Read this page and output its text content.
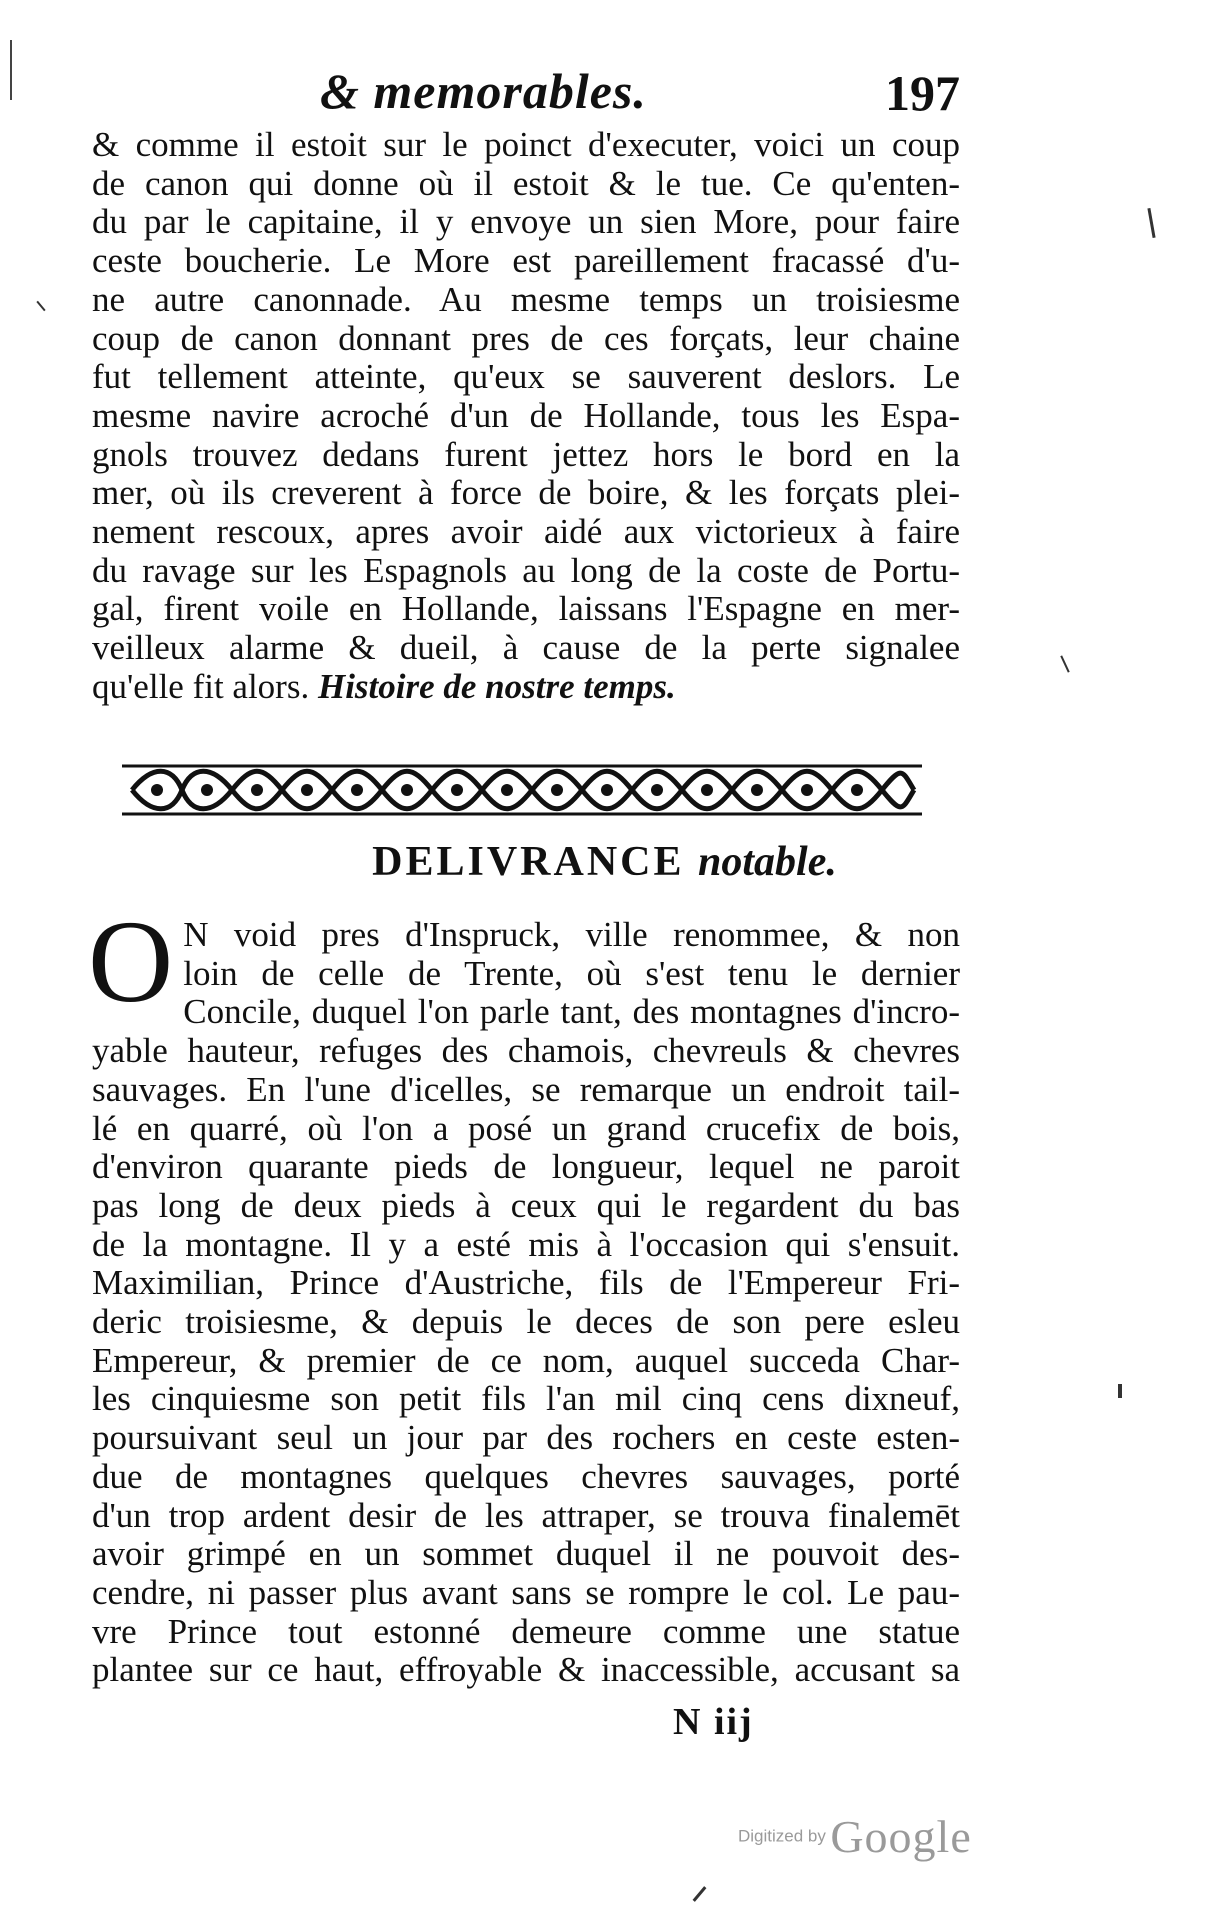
& memorables.	197
& comme il estoit sur le poinct d'executer, voici un coup
de canon qui donne où il estoit & le tue. Ce qu'enten-
du par le capitaine, il y envoye un sien More, pour faire
ceste boucherie. Le More est pareillement fracassé d'u-
ne autre canonnade. Au mesme temps un troisiesme
coup de canon donnant pres de ces forçats, leur chaine
fut tellement atteinte, qu'eux se sauverent deslors. Le
mesme navire acroché d'un de Hollande, tous les Espa-
gnols trouvez dedans furent jettez hors le bord en la
mer, où ils creverent à force de boire, & les forçats plei-
nement rescoux, apres avoir aidé aux victorieux à faire
du ravage sur les Espagnols au long de la coste de Portu-
gal, firent voile en Hollande, laissans l'Espagne en mer-
veilleux alarme & dueil, à cause de la perte signalee
qu'elle fit alors. Histoire de nostre temps.
DELIVRANCE notable.
O N void pres d'Inspruck, ville renommee, & non
loin de celle de Trente, où s'est tenu le dernier
Concile, duquel l'on parle tant, des montagnes d'incro-
yable hauteur, refuges des chamois, chevreuls & chevres
sauvages. En l'une d'icelles, se remarque un endroit tail-
lé en quarré, où l'on a posé un grand crucefix de bois,
d'environ quarante pieds de longueur, lequel ne paroit
pas long de deux pieds à ceux qui le regardent du bas
de la montagne. Il y a esté mis à l'occasion qui s'ensuit.
Maximilian, Prince d'Austriche, fils de l'Empereur Fri-
deric troisiesme, & depuis le deces de son pere esleu
Empereur, & premier de ce nom, auquel succeda Char-
les cinquiesme son petit fils l'an mil cinq cens dixneuf,
poursuivant seul un jour par des rochers en ceste esten-
due de montagnes quelques chevres sauvages, porté
d'un trop ardent desir de les attraper, se trouva finalemēt
avoir grimpé en un sommet duquel il ne pouvoit des-
cendre, ni passer plus avant sans se rompre le col. Le pau-
vre Prince tout estonné demeure comme une statue
plantee sur ce haut, effroyable & inaccessible, accusant sa
N iij
Digitized by Google
